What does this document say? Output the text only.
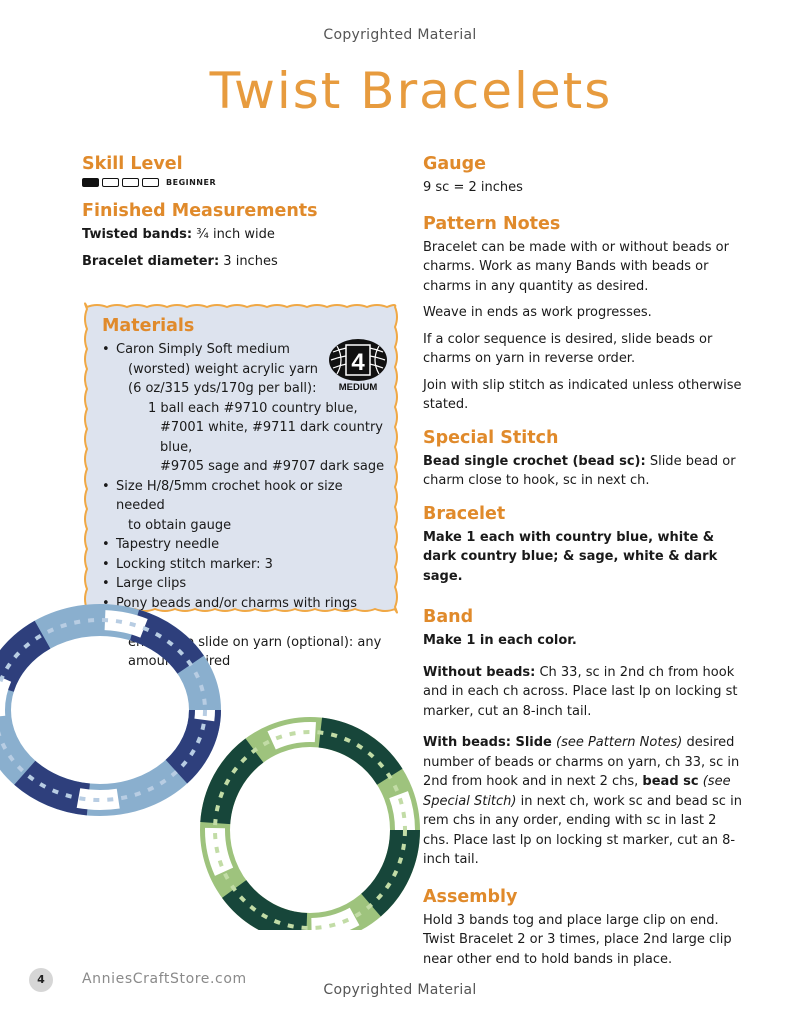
Copyrighted Material
Twist Bracelets
Skill Level
BEGINNER
Finished Measurements
Twisted bands: ¾ inch wide
Bracelet diameter: 3 inches
Materials
• Caron Simply Soft medium
(worsted) weight acrylic yarn
(6 oz/315 yds/170g per ball):
1 ball each #9710 country blue,
#7001 white, #9711 dark country blue,
#9705 sage and #9707 dark sage
• Size H/8/5mm crochet hook or size needed
to obtain gauge
• Tapestry needle
• Locking stitch marker: 3
• Large clips
• Pony beads and/or charms with rings large
enough to slide on yarn (optional): any
amount desired
4
MEDIUM
Gauge
9 sc = 2 inches
Pattern Notes
Bracelet can be made with or without beads or charms. Work as many Bands with beads or charms in any quantity as desired.
Weave in ends as work progresses.
If a color sequence is desired, slide beads or charms on yarn in reverse order.
Join with slip stitch as indicated unless otherwise stated.
Special Stitch
Bead single crochet (bead sc): Slide bead or charm close to hook, sc in next ch.
Bracelet
Make 1 each with country blue, white & dark country blue; & sage, white & dark sage.
Band
Make 1 in each color.
Without beads: Ch 33, sc in 2nd ch from hook and in each ch across. Place last lp on locking st marker, cut an 8-inch tail.
With beads: Slide (see Pattern Notes) desired number of beads or charms on yarn, ch 33, sc in 2nd from hook and in next 2 chs, bead sc (see Special Stitch) in next ch, work sc and bead sc in rem chs in any order, ending with sc in last 2 chs. Place last lp on locking st marker, cut an 8-inch tail.
Assembly
Hold 3 bands tog and place large clip on end. Twist Bracelet 2 or 3 times, place 2nd large clip near other end to hold bands in place.
4	AnniesCraftStore.com
Copyrighted Material
